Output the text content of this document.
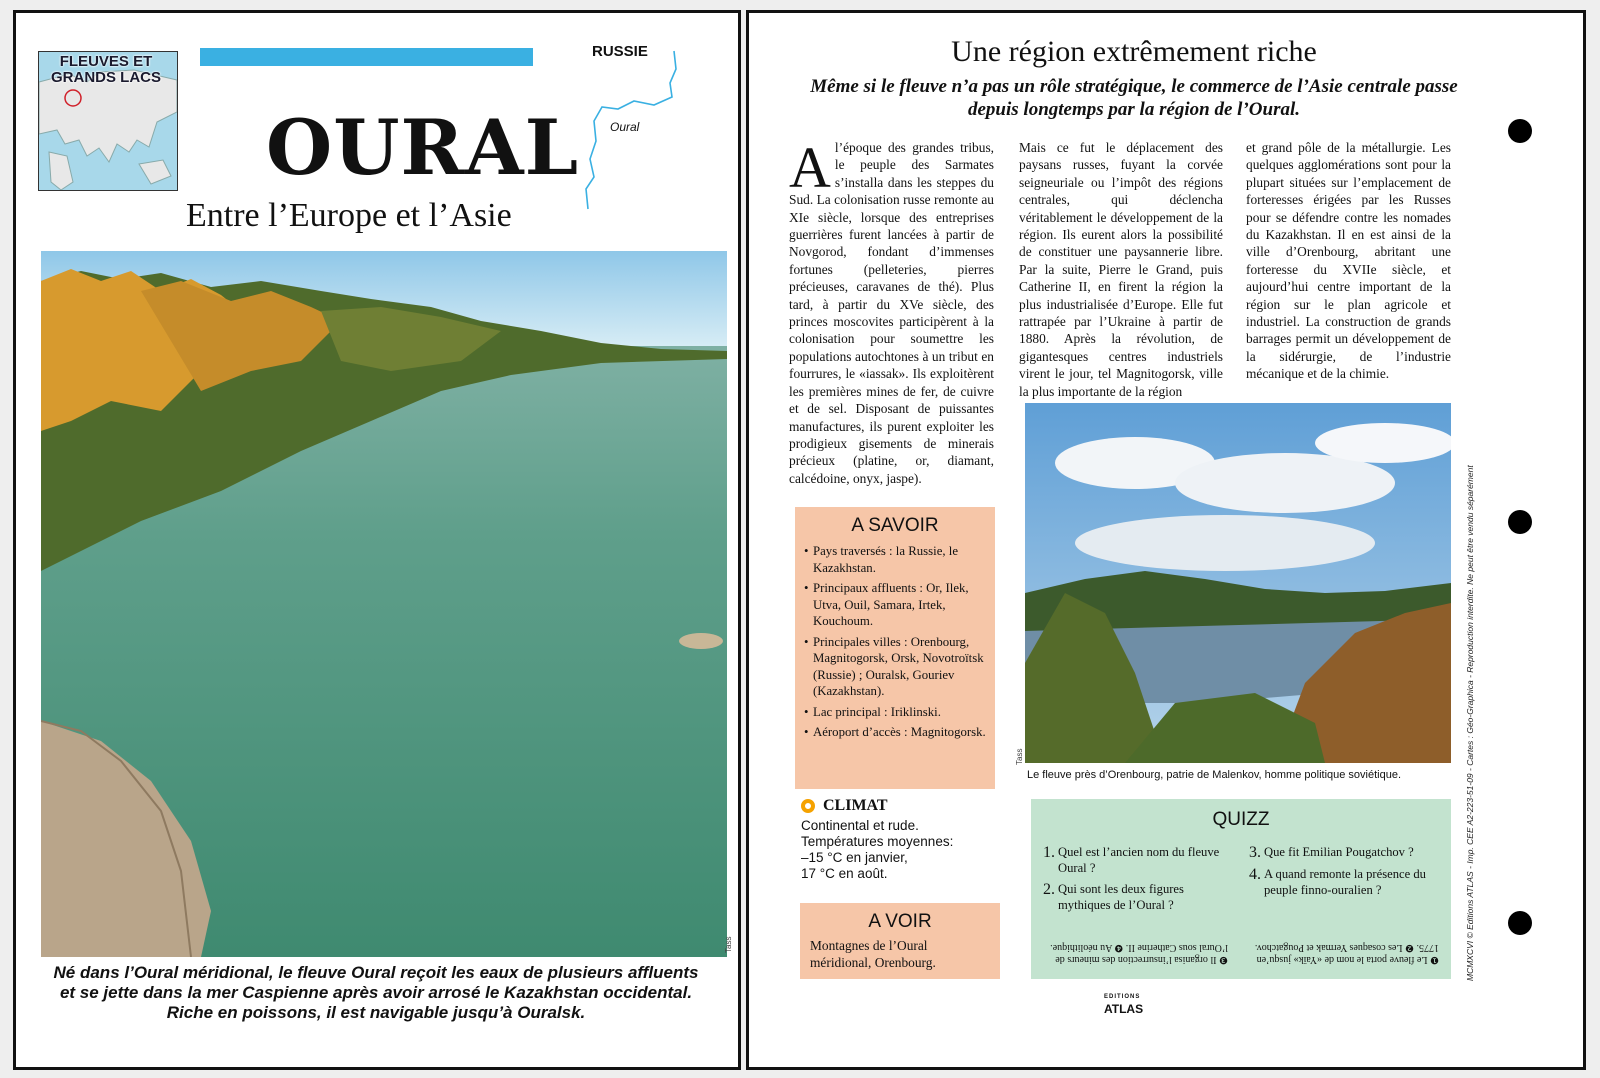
FLEUVES ET GRANDS LACS
RUSSIE
Oural
OURAL
Entre l’Europe et l’Asie
Tass
Né dans l’Oural méridional, le fleuve Oural reçoit les eaux de plusieurs affluents et se jette dans la mer Caspienne après avoir arrosé le Kazakhstan occidental. Riche en poissons, il est navigable jusqu’à Ouralsk.
Une région extrêmement riche
Même si le fleuve n’a pas un rôle stratégique, le commerce de l’Asie centrale passe depuis longtemps par la région de l’Oural.
Al’époque des grandes tribus, le peuple des Sarmates s’installa dans les steppes du Sud. La colonisation russe remonte au XIe siècle, lorsque des entreprises guerrières furent lancées à partir de Novgorod, fondant d’immenses fortunes (pelleteries, pierres précieuses, caravanes de thé). Plus tard, à partir du XVe siècle, des princes moscovites participèrent à la colonisation pour soumettre les populations autochtones à un tribut en fourrures, le «iassak». Ils exploitèrent les premières mines de fer, de cuivre et de sel. Disposant de puissantes manufactures, ils purent exploiter les prodigieux gisements de minerais précieux (platine, or, diamant, calcédoine, onyx, jaspe).
Mais ce fut le déplacement des paysans russes, fuyant la corvée seigneuriale ou l’impôt des régions centrales, qui déclencha véritablement le développement de la région. Ils eurent alors la possibilité de constituer une paysannerie libre. Par la suite, Pierre le Grand, puis Catherine II, en firent la région la plus industrialisée d’Europe. Elle fut rattrapée par l’Ukraine à partir de 1880. Après la révolution, de gigantesques centres industriels virent le jour, tel Magnitogorsk, ville la plus importante de la région
et grand pôle de la métallurgie. Les quelques agglomérations sont pour la plupart situées sur l’emplacement de forteresses érigées par les Russes pour se défendre contre les nomades du Kazakhstan. Il en est ainsi de la ville d’Orenbourg, abritant une forteresse du XVIIe siècle, et aujourd’hui centre important de la région sur le plan agricole et industriel. La construction de grands barrages permit un développement de la sidérurgie, de l’industrie mécanique et de la chimie.
A SAVOIR
• Pays traversés : la Russie, le Kazakhstan.
• Principaux affluents : Or, Ilek, Utva, Ouil, Samara, Irtek, Kouchoum.
• Principales villes : Orenbourg, Magnitogorsk, Orsk, Novotroïtsk (Russie) ; Ouralsk, Gouriev (Kazakhstan).
• Lac principal : Iriklinski.
• Aéroport d’accès : Magnitogorsk.
CLIMAT
Continental et rude.
Températures moyennes:
–15 °C en janvier,
17 °C en août.
A VOIR
Montagnes de l’Oural méridional, Orenbourg.
Tass
Le fleuve près d’Orenbourg, patrie de Malenkov, homme politique soviétique.
QUIZZ
1. Quel est l’ancien nom du fleuve Oural ?
2. Qui sont les deux figures mythiques de l’Oural ?
3. Que fit Emilian Pougatchov ?
4. A quand remonte la présence du peuple finno-ouralien ?
❶ Le fleuve porta le nom de «Yaïk» jusqu’en 1775. ❷ Les cosaques Yermak et Pougatchov.
❸ Il organisa l’insurrection des mineurs de l’Oural sous Catherine II. ❹ Au néolithique.
EDITIONS
ATLAS
MCMXCVI © Editions ATLAS - Imp. CEE A2-223-51-09 - Cartes : Géo-Graphica - Reproduction interdite. Ne peut être vendu séparément
